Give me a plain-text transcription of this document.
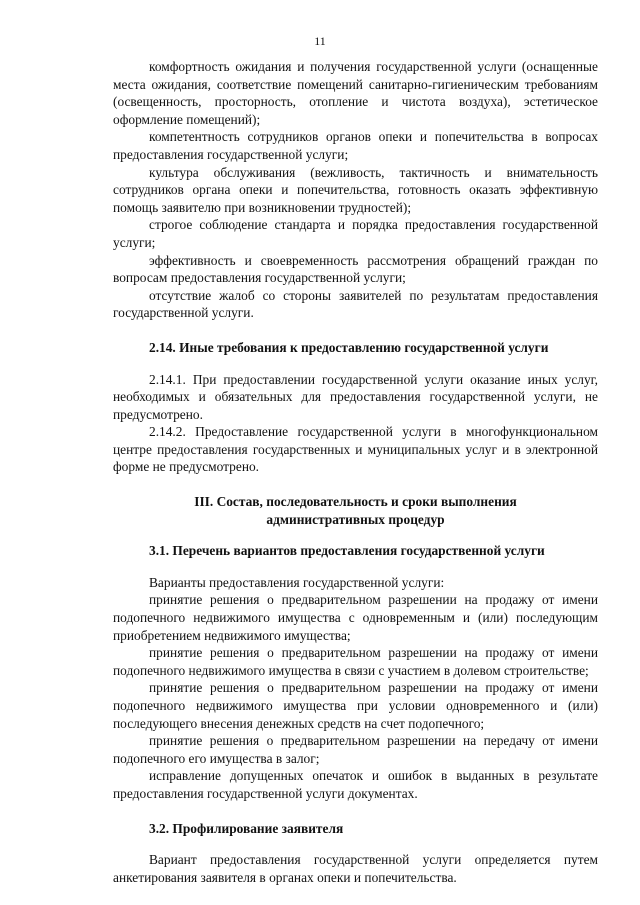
11

комфортность ожидания и получения государственной услуги (оснащенные места ожидания, соответствие помещений санитарно-гигиеническим требованиям (освещенность, просторность, отопление и чистота воздуха), эстетическое оформление помещений);

компетентность сотрудников органов опеки и попечительства в вопросах предоставления государственной услуги;

культура обслуживания (вежливость, тактичность и внимательность сотрудников органа опеки и попечительства, готовность оказать эффективную помощь заявителю при возникновении трудностей);

строгое соблюдение стандарта и порядка предоставления государственной услуги;

эффективность и своевременность рассмотрения обращений граждан по вопросам предоставления государственной услуги;

отсутствие жалоб со стороны заявителей по результатам предоставления государственной услуги.

2.14. Иные требования к предоставлению государственной услуги

2.14.1. При предоставлении государственной услуги оказание иных услуг, необходимых и обязательных для предоставления государственной услуги, не предусмотрено.

2.14.2. Предоставление государственной услуги в многофункциональном центре предоставления государственных и муниципальных услуг и в электронной форме не предусмотрено.

III. Состав, последовательность и сроки выполнения административных процедур
3.1. Перечень вариантов предоставления государственной услуги

Варианты предоставления государственной услуги:

принятие решения о предварительном разрешении на продажу от имени подопечного недвижимого имущества с одновременным и (или) последующим приобретением недвижимого имущества;

принятие решения о предварительном разрешении на продажу от имени подопечного недвижимого имущества в связи с участием в долевом строительстве;

принятие решения о предварительном разрешении на продажу от имени подопечного недвижимого имущества при условии одновременного и (или) последующего внесения денежных средств на счет подопечного;

принятие решения о предварительном разрешении на передачу от имени подопечного его имущества в залог;

исправление допущенных опечаток и ошибок в выданных в результате предоставления государственной услуги документах.

3.2. Профилирование заявителя

Вариант предоставления государственной услуги определяется путем анкетирования заявителя в органах опеки и попечительства.
